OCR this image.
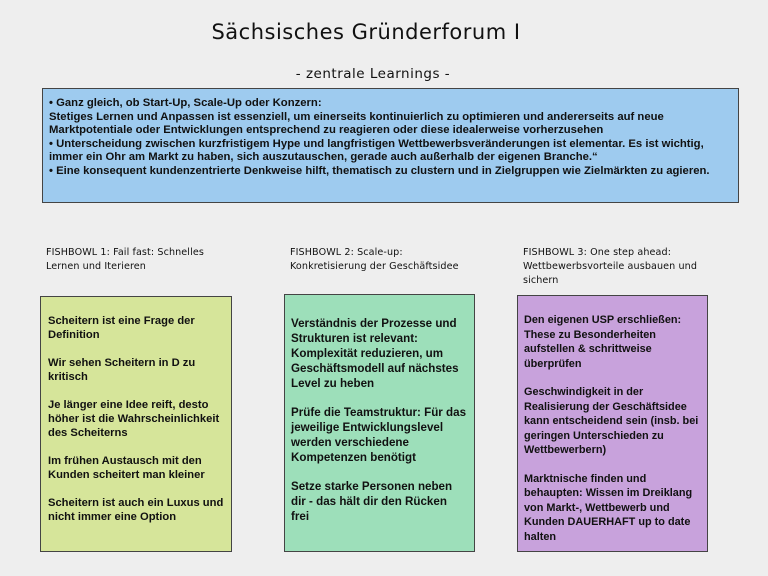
Sächsisches Gründerforum I
- zentrale Learnings -

• Ganz gleich, ob Start-Up, Scale-Up oder Konzern:

Stetiges Lernen und Anpassen ist essenziell, um einerseits kontinuierlich zu optimieren und andererseits auf neue Marktpotentiale oder Entwicklungen entsprechend zu reagieren oder diese idealerweise vorherzusehen

• Unterscheidung zwischen kurzfristigem Hype und langfristigen Wettbewerbsveränderungen ist elementar. Es ist wichtig, immer ein Ohr am Markt zu haben, sich auszutauschen, gerade auch außerhalb der eigenen Branche.“

• Eine konsequent kundenzentrierte Denkweise hilft, thematisch zu clustern und in Zielgruppen wie Zielmärkten zu agieren.

FISHBOWL 1: Fail fast: Schnelles
Lernen und Iterieren

Scheitern ist eine Frage der Definition

Wir sehen Scheitern in D zu kritisch

Je länger eine Idee reift, desto höher ist die Wahrscheinlichkeit des Scheiterns

Im frühen Austausch mit den Kunden scheitert man kleiner

Scheitern ist auch ein Luxus und nicht immer eine Option

FISHBOWL 2: Scale-up:
Konkretisierung der Geschäftsidee

Verständnis der Prozesse und Strukturen ist relevant: Komplexität reduzieren, um Geschäftsmodell auf nächstes Level zu heben

Prüfe die Teamstruktur: Für das jeweilige Entwicklungslevel werden verschiedene Kompetenzen benötigt

Setze starke Personen neben dir - das hält dir den Rücken frei

FISHBOWL 3: One step ahead:
Wettbewerbsvorteile ausbauen und
sichern

Den eigenen USP erschließen: These zu Besonderheiten aufstellen & schrittweise überprüfen

Geschwindigkeit in der Realisierung der Geschäftsidee kann entscheidend sein (insb. bei geringen Unterschieden zu Wettbewerbern)

Marktnische finden und behaupten: Wissen im Dreiklang von Markt-, Wettbewerb und Kunden DAUERHAFT up to date halten
